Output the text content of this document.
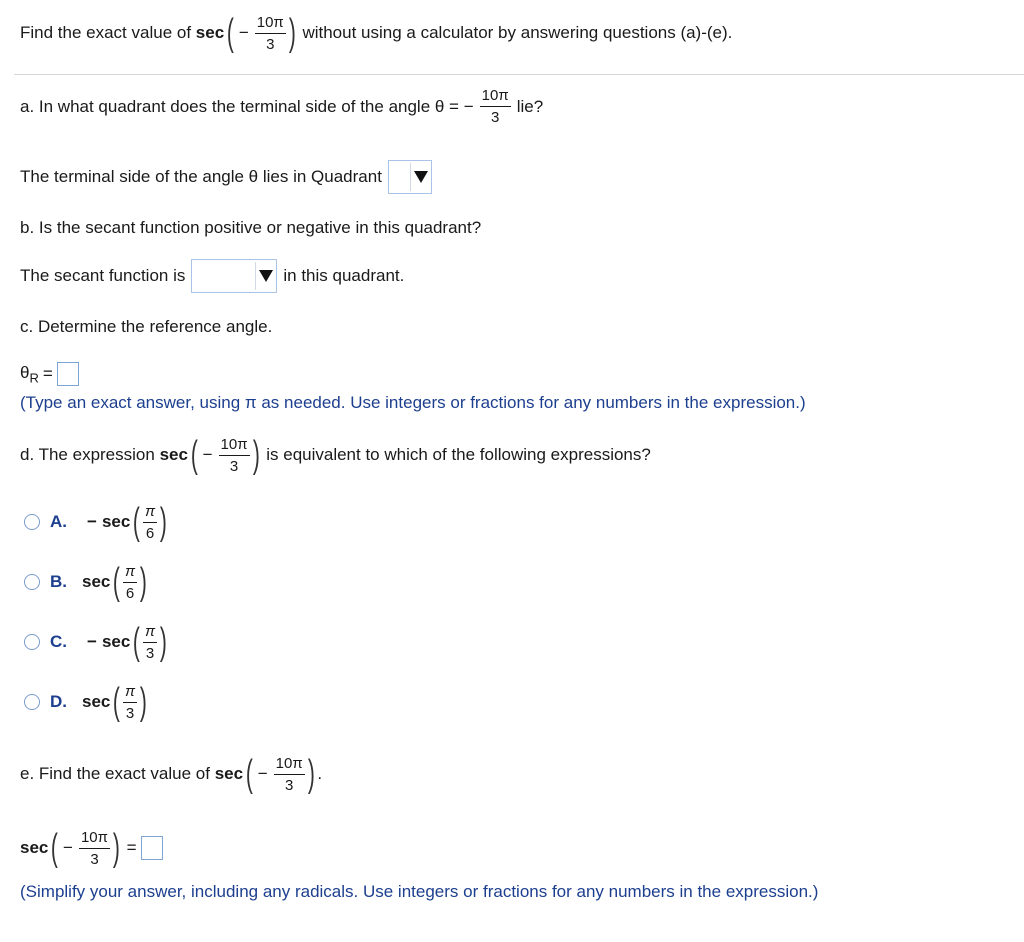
Find the exact value of
sec ( − $\frac{10\pi}{3}$ ) without using a calculator by answering questions (a)-(e).
a. In what quadrant does the terminal side of the angle θ = − $\frac{10\pi}{3}$ lie?
The terminal side of the angle θ lies in Quadrant
b. Is the secant function positive or negative in this quadrant?
The secant function is	in this quadrant.
c. Determine the reference angle.
$\theta_R$ =
(Type an exact answer, using π as needed. Use integers or fractions for any numbers in the expression.)
d. The expression
sec ( − $\frac{10\pi}{3}$ ) is equivalent to which of the following expressions?
A. − sec ( $\frac{\pi}{6}$ )
B. sec ( $\frac{\pi}{6}$ )
C. − sec ( $\frac{\pi}{3}$ )
D. sec ( $\frac{\pi}{3}$ )
e. Find the exact value of
sec ( − $\frac{10\pi}{3}$ ) .
sec ( − $\frac{10\pi}{3}$ ) =
(Simplify your answer, including any radicals. Use integers or fractions for any numbers in the expression.)
